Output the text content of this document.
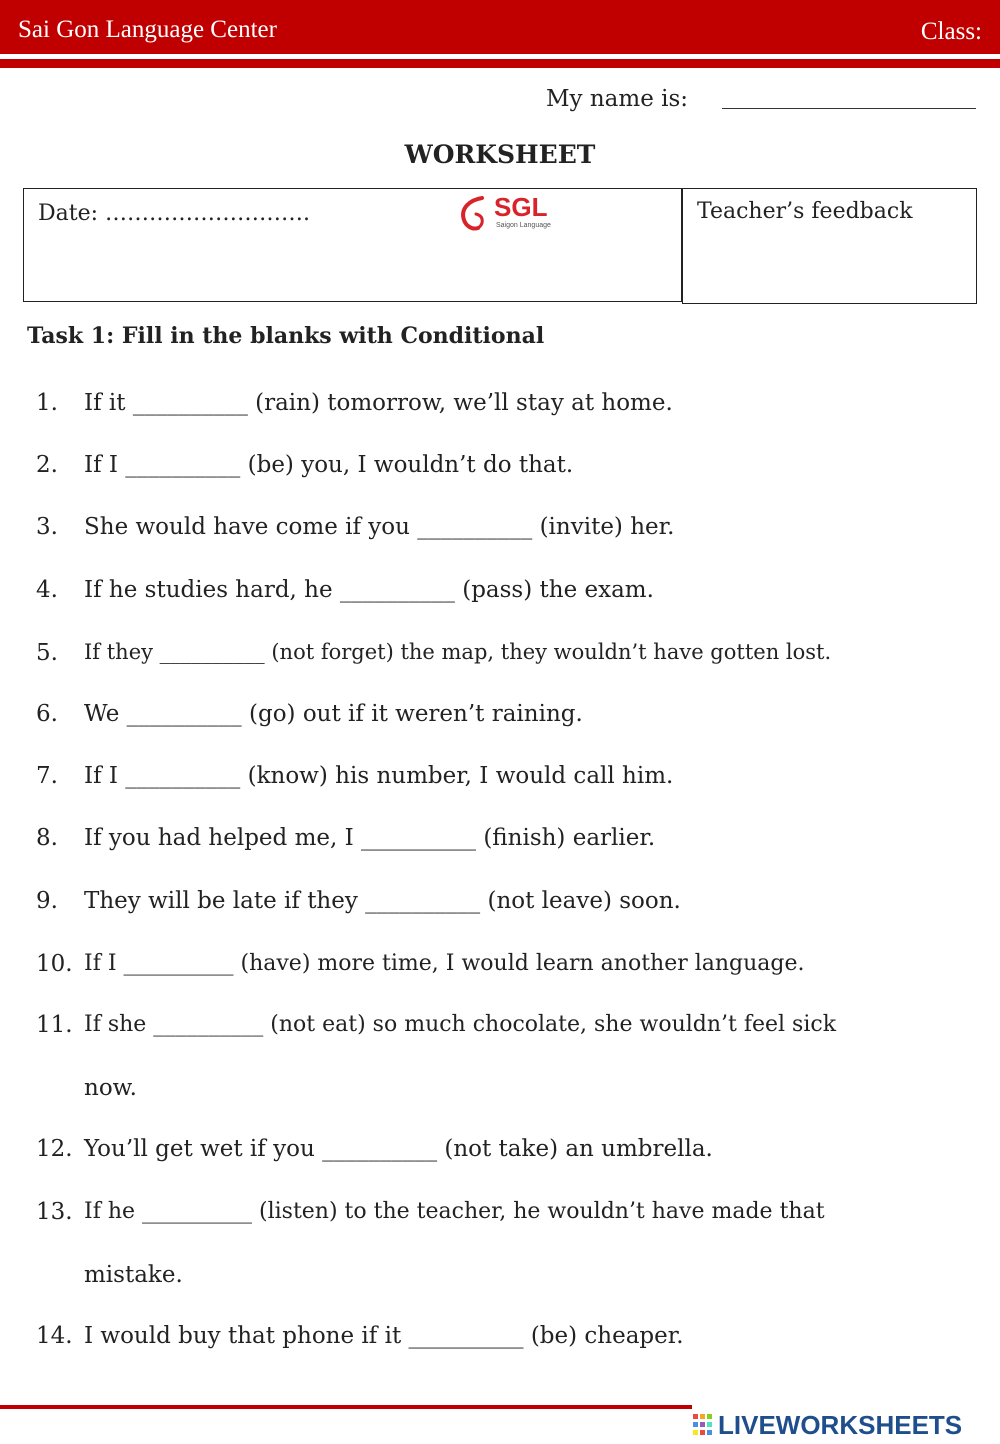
Sai Gon Language Center	Class:
My name is:
WORKSHEET
Date: ……………………….	SGL
Saigon Language
Teacher’s feedback
Task 1: Fill in the blanks with Conditional
1. If it __________ (rain) tomorrow, we’ll stay at home.
2. If I __________ (be) you, I wouldn’t do that.
3. She would have come if you __________ (invite) her.
4. If he studies hard, he __________ (pass) the exam.
5. If they __________ (not forget) the map, they wouldn’t have gotten lost.
6. We __________ (go) out if it weren’t raining.
7. If I __________ (know) his number, I would call him.
8. If you had helped me, I __________ (finish) earlier.
9. They will be late if they __________ (not leave) soon.
10. If I __________ (have) more time, I would learn another language.
11. If she __________ (not eat) so much chocolate, she wouldn’t feel sick
now.
12. You’ll get wet if you __________ (not take) an umbrella.
13. If he __________ (listen) to the teacher, he wouldn’t have made that
mistake.
14. I would buy that phone if it __________ (be) cheaper.
LIVEWORKSHEETS
